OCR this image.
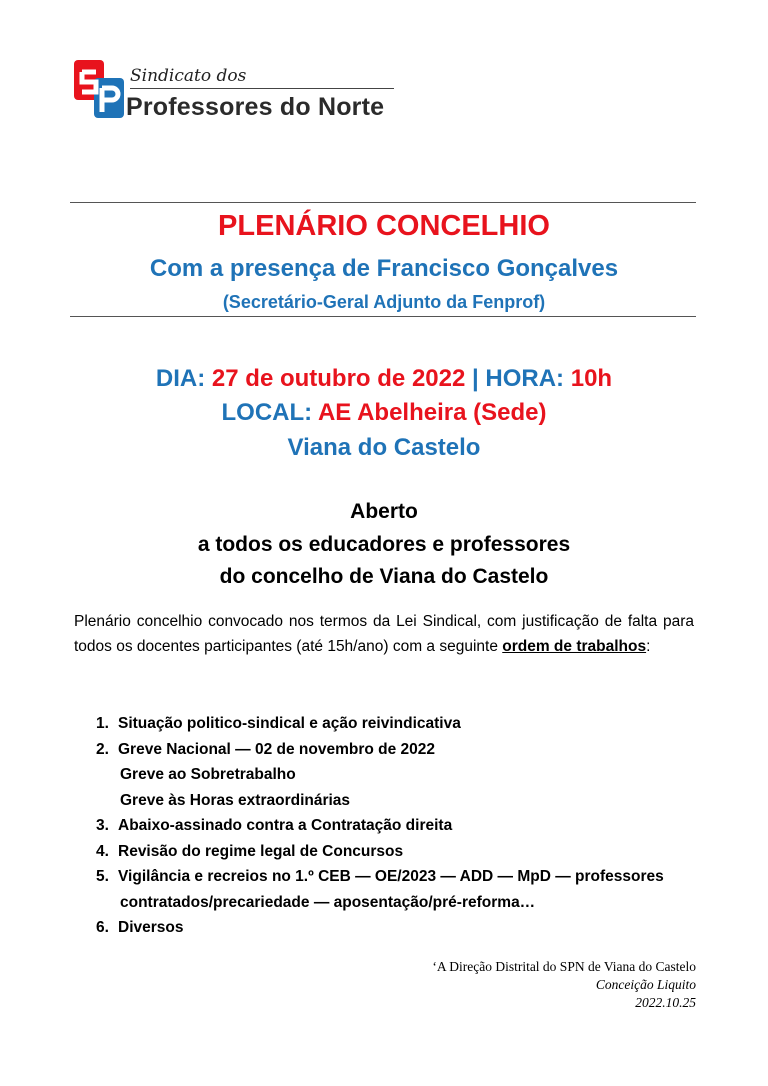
Sindicato dos
Professores do Norte
PLENÁRIO CONCELHIO
Com a presença de Francisco Gonçalves
(Secretário-Geral Adjunto da Fenprof)
DIA: 27 de outubro de 2022 | HORA: 10h
LOCAL: AE Abelheira (Sede)
Viana do Castelo
Aberto
a todos os educadores e professores
do concelho de Viana do Castelo
Plenário concelhio convocado nos termos da Lei Sindical, com justificação de falta para todos os docentes participantes (até 15h/ano) com a seguinte ordem de trabalhos:
1. Situação politico-sindical e ação reivindicativa
2. Greve Nacional — 02 de novembro de 2022
Greve ao Sobretrabalho
Greve às Horas extraordinárias
3. Abaixo-assinado contra a Contratação direita
4. Revisão do regime legal de Concursos
5. Vigilância e recreios no 1.º CEB — OE/2023 — ADD — MpD — professores
contratados/precariedade — aposentação/pré-reforma…
6. Diversos
‘A Direção Distrital do SPN de Viana do Castelo
Conceição Liquito
2022.10.25
